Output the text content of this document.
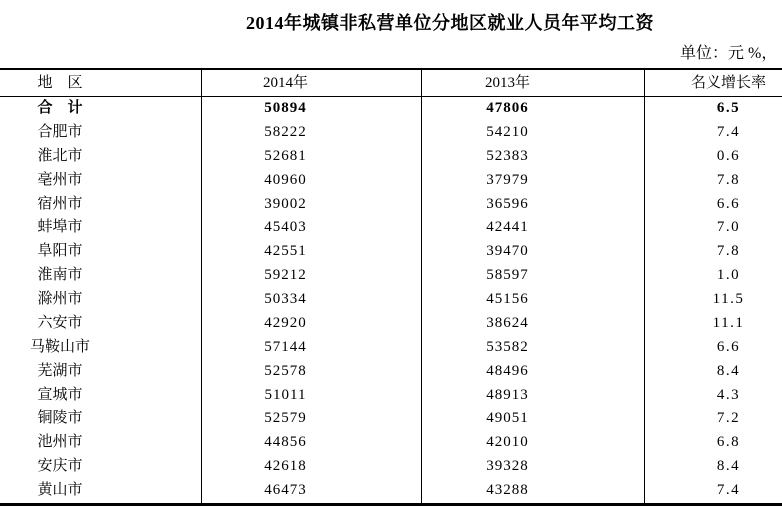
2014年城镇非私营单位分地区就业人员年平均工资
单位：元 %，
地　区	2014年	2013年	名义增长率
合　计	50894	47806	6.5
合肥市	58222	54210	7.4
淮北市	52681	52383	0.6
亳州市	40960	37979	7.8
宿州市	39002	36596	6.6
蚌埠市	45403	42441	7.0
阜阳市	42551	39470	7.8
淮南市	59212	58597	1.0
滁州市	50334	45156	11.5
六安市	42920	38624	11.1
马鞍山市	57144	53582	6.6
芜湖市	52578	48496	8.4
宣城市	51011	48913	4.3
铜陵市	52579	49051	7.2
池州市	44856	42010	6.8
安庆市	42618	39328	8.4
黄山市	46473	43288	7.4
